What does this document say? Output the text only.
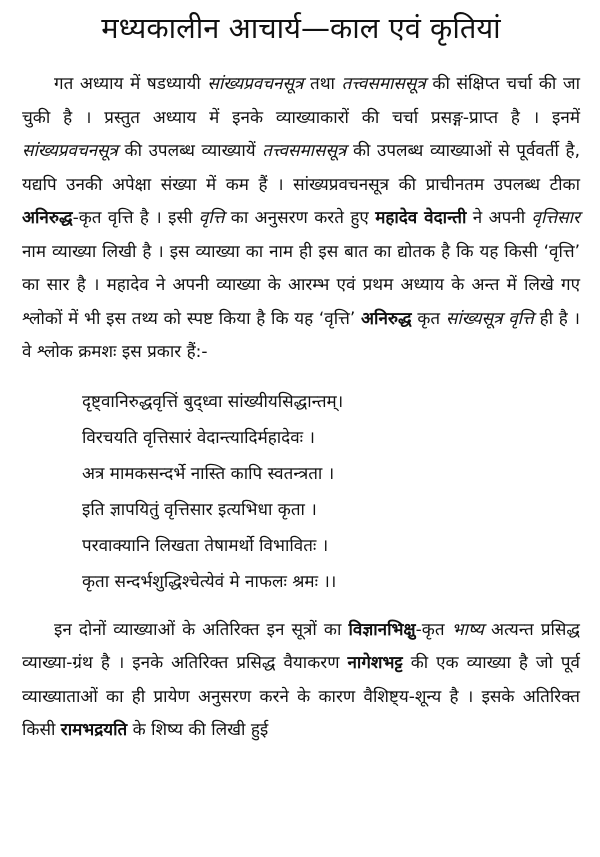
मध्यकालीन आचार्य—काल एवं कृतियां

गत अध्याय में षडध्यायी सांख्यप्रवचनसूत्र तथा तत्त्वसमाससूत्र की संक्षिप्त चर्चा की जा चुकी है । प्रस्तुत अध्याय में इनके व्याख्याकारों की चर्चा प्रसङ्ग-प्राप्त है । इनमें सांख्यप्रवचनसूत्र की उपलब्ध व्याख्यायें तत्त्वसमाससूत्र की उपलब्ध व्याख्याओं से पूर्ववर्ती है, यद्यपि उनकी अपेक्षा संख्या में कम हैं । सांख्यप्रवचनसूत्र की प्राचीनतम उपलब्ध टीका अनिरुद्ध-कृत वृत्ति है । इसी वृत्ति का अनुसरण करते हुए महादेव वेदान्ती ने अपनी वृत्तिसार नाम व्याख्या लिखी है । इस व्याख्या का नाम ही इस बात का द्योतक है कि यह किसी ‘वृत्ति’ का सार है । महादेव ने अपनी व्याख्या के आरम्भ एवं प्रथम अध्याय के अन्त में लिखे गए श्लोकों में भी इस तथ्य को स्पष्ट किया है कि यह ‘वृत्ति’ अनिरुद्ध कृत सांख्यसूत्र वृत्ति ही है । वे श्लोक क्रमशः इस प्रकार हैं:-

दृष्ट्वानिरुद्धवृत्तिं बुद्ध्वा सांख्यीयसिद्धान्तम्।
विरचयति वृत्तिसारं वेदान्त्यादिर्महादेवः ।
अत्र मामकसन्दर्भे नास्ति कापि स्वतन्त्रता ।
इति ज्ञापयितुं वृत्तिसार इत्यभिधा कृता ।
परवाक्यानि लिखता तेषामर्थो विभावितः ।
कृता सन्दर्भशुद्धिश्चेत्येवं मे नाफलः श्रमः ।।

इन दोनों व्याख्याओं के अतिरिक्त इन सूत्रों का विज्ञानभिक्षु-कृत भाष्य अत्यन्त प्रसिद्ध व्याख्या-ग्रंथ है । इनके अतिरिक्त प्रसिद्ध वैयाकरण नागेशभट्ट की एक व्याख्या है जो पूर्व व्याख्याताओं का ही प्रायेण अनुसरण करने के कारण वैशिष्ट्य-शून्य है । इसके अतिरिक्त किसी रामभद्रयति के शिष्य की लिखी हुई
